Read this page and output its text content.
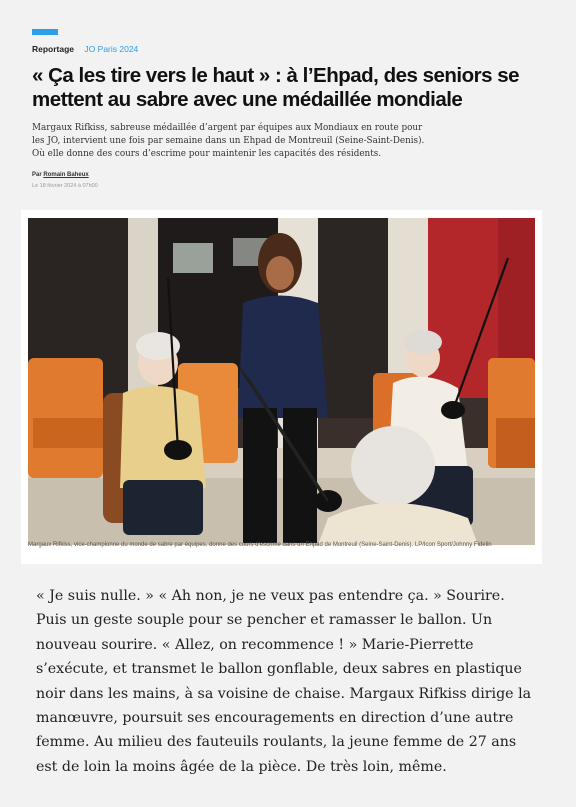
Reportage JO Paris 2024
« Ça les tire vers le haut » : à l’Ehpad, des seniors se mettent au sabre avec une médaillée mondiale

Margaux Rifkiss, sabreuse médaillée d’argent par équipes aux Mondiaux en route pour les JO, intervient une fois par semaine dans un Ehpad de Montreuil (Seine-Saint-Denis). Où elle donne des cours d’escrime pour maintenir les capacités des résidents.

Par Romain Baheux
Le 18 février 2024 à 07h00
Margaux Rifkiss, vice-championne du monde de sabre par équipes, donne des cours d’escrime dans un Ehpad de Montreuil (Seine-Saint-Denis). LP/Icon Sport/Johnny Fidelin

« Je suis nulle. » « Ah non, je ne veux pas entendre ça. » Sourire. Puis un geste souple pour se pencher et ramasser le ballon. Un nouveau sourire. « Allez, on recommence ! » Marie-Pierrette s’exécute, et transmet le ballon gonflable, deux sabres en plastique noir dans les mains, à sa voisine de chaise. Margaux Rifkiss dirige la manœuvre, poursuit ses encouragements en direction d’une autre femme. Au milieu des fauteuils roulants, la jeune femme de 27 ans est de loin la moins âgée de la pièce. De très loin, même.
